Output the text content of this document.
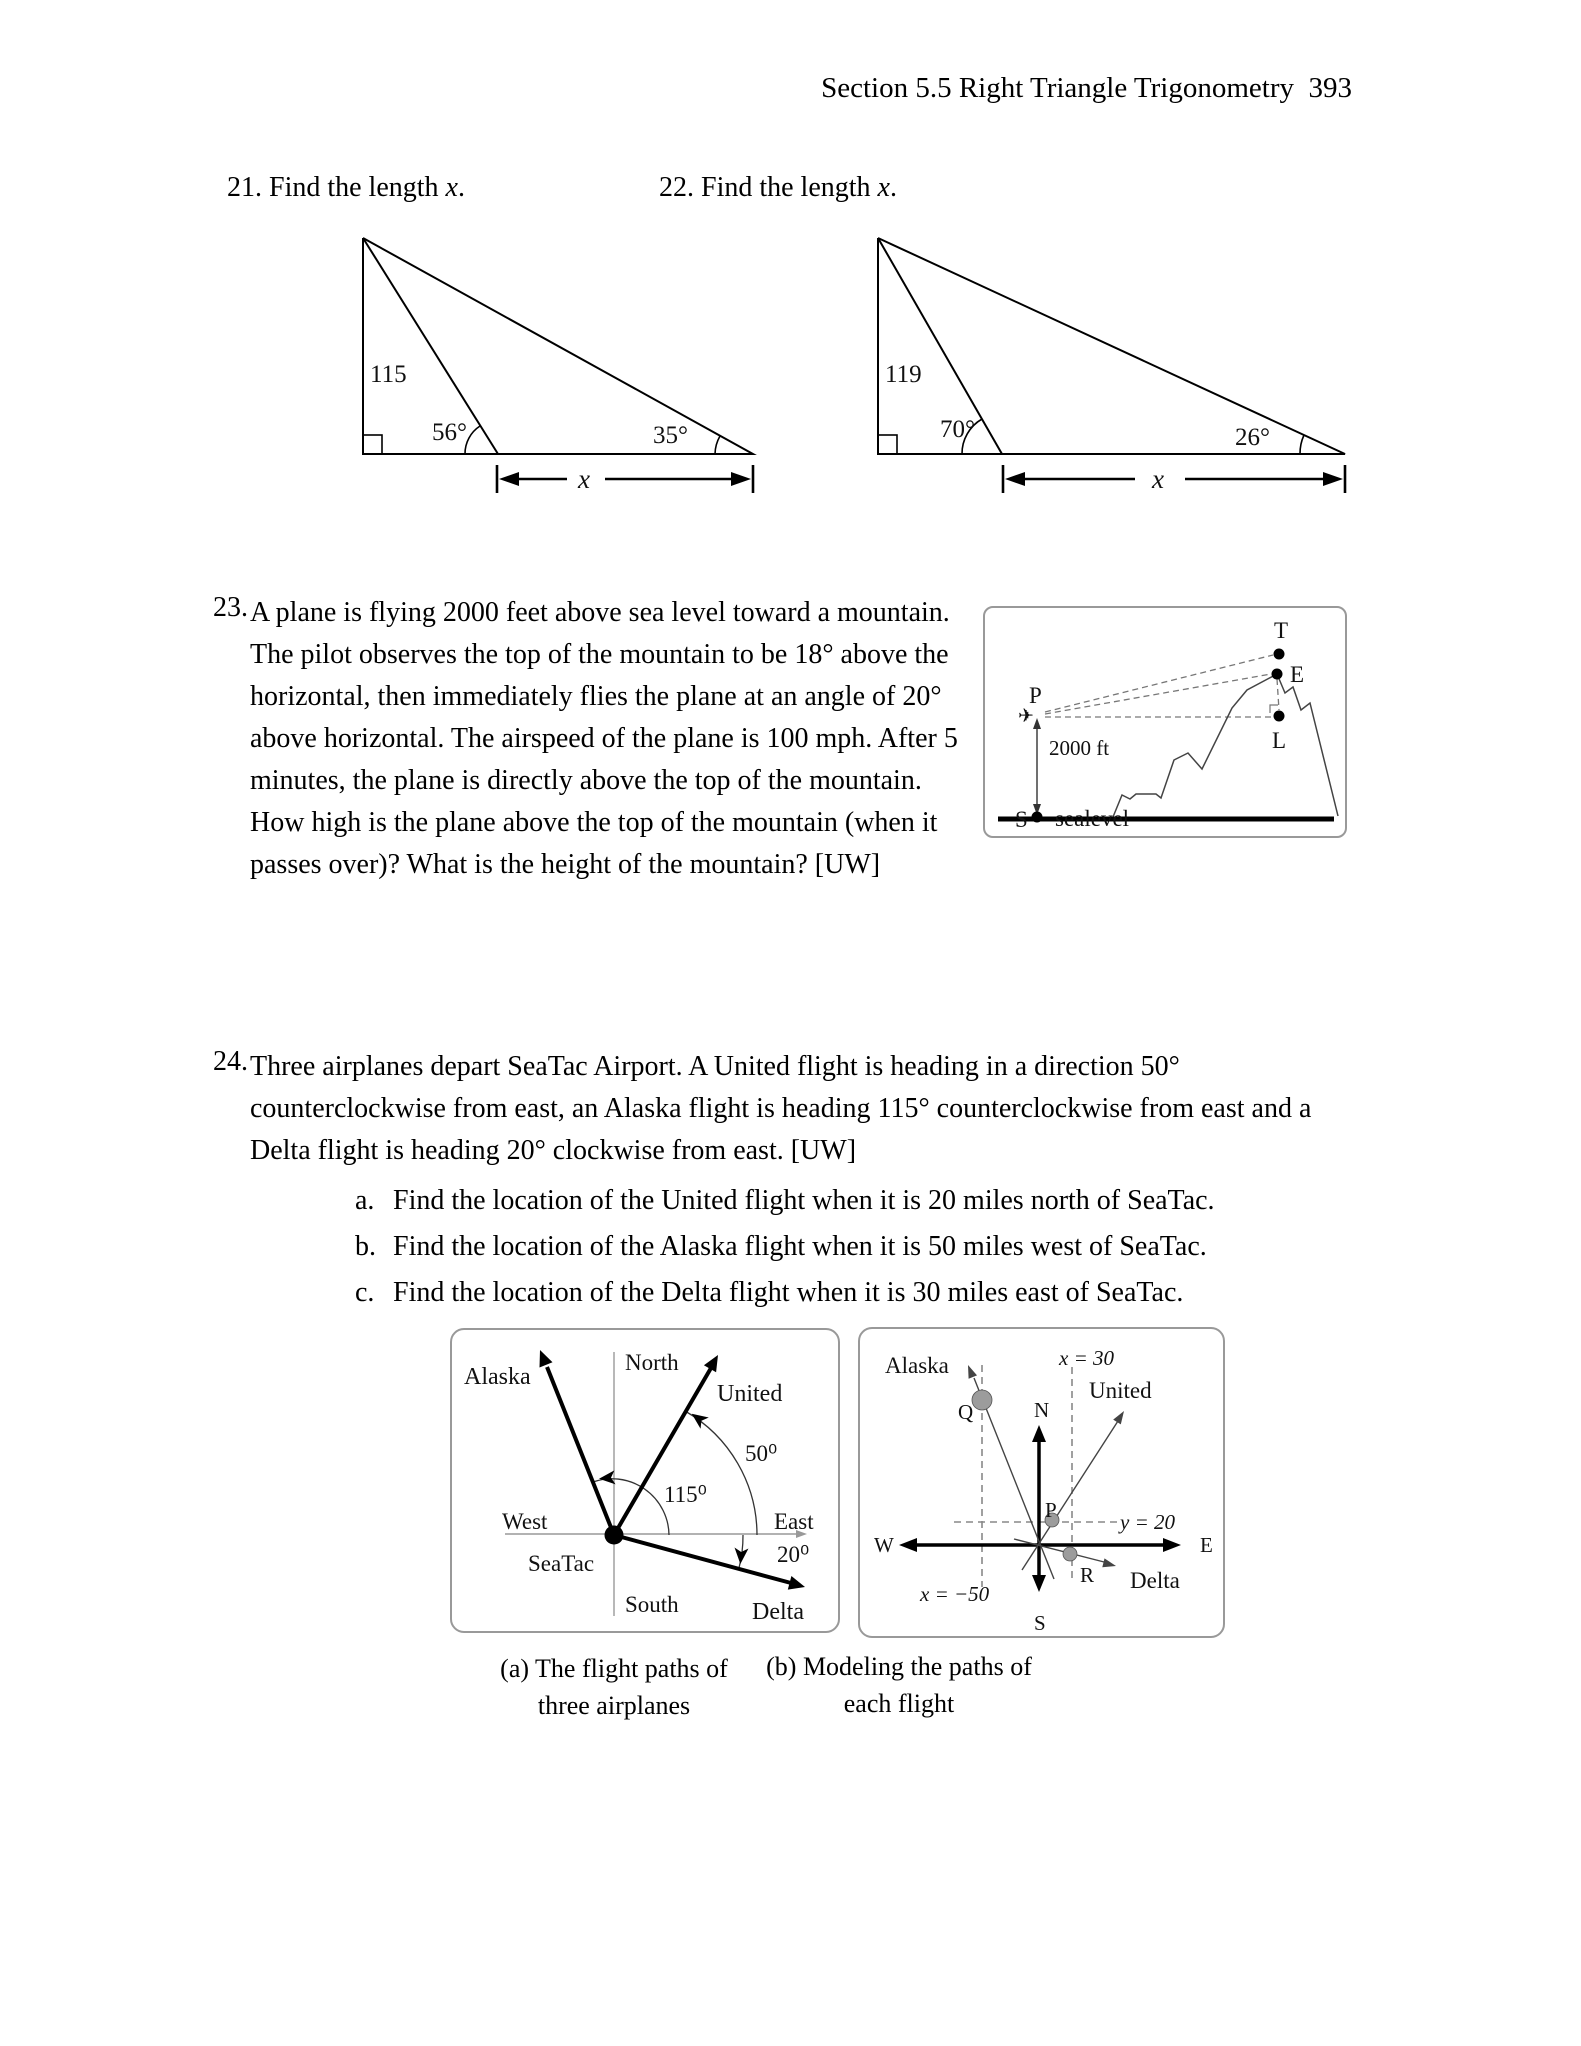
Section 5.5 Right Triangle Trigonometry  393

21. Find the length x.	22. Find the length x.

115
56°	35°
x
119
70°	26°
x
23.
✈
P
T
E
L
S sealevel
2000 ft
A plane is flying 2000 feet above sea level toward a mountain. The pilot observes the top of the mountain to be 18° above the horizontal, then immediately flies the plane at an angle of 20° above horizontal. The airspeed of the plane is 100 mph. After 5 minutes, the plane is directly above the top of the mountain. How high is the plane above the top of the mountain (when it passes over)? What is the height of the mountain? [UW]
24. Three airplanes depart SeaTac Airport. A United flight is heading in a direction 50° counterclockwise from east, an Alaska flight is heading 115° counterclockwise from east and a Delta flight is heading 20° clockwise from east. [UW]
a. Find the location of the United flight when it is 20 miles north of SeaTac.
b. Find the location of the Alaska flight when it is 50 miles west of SeaTac.
c. Find the location of the Delta flight when it is 30 miles east of SeaTac.
North
South
West	East
SeaTac
Alaska
United
Delta
50⁰
115⁰
20⁰
N
S
W	E
Alaska
United
Delta
Q
P
R
x = 30
y = 20
x = −50
(a) The flight paths of
three airplanes
(b) Modeling the paths of
each flight
